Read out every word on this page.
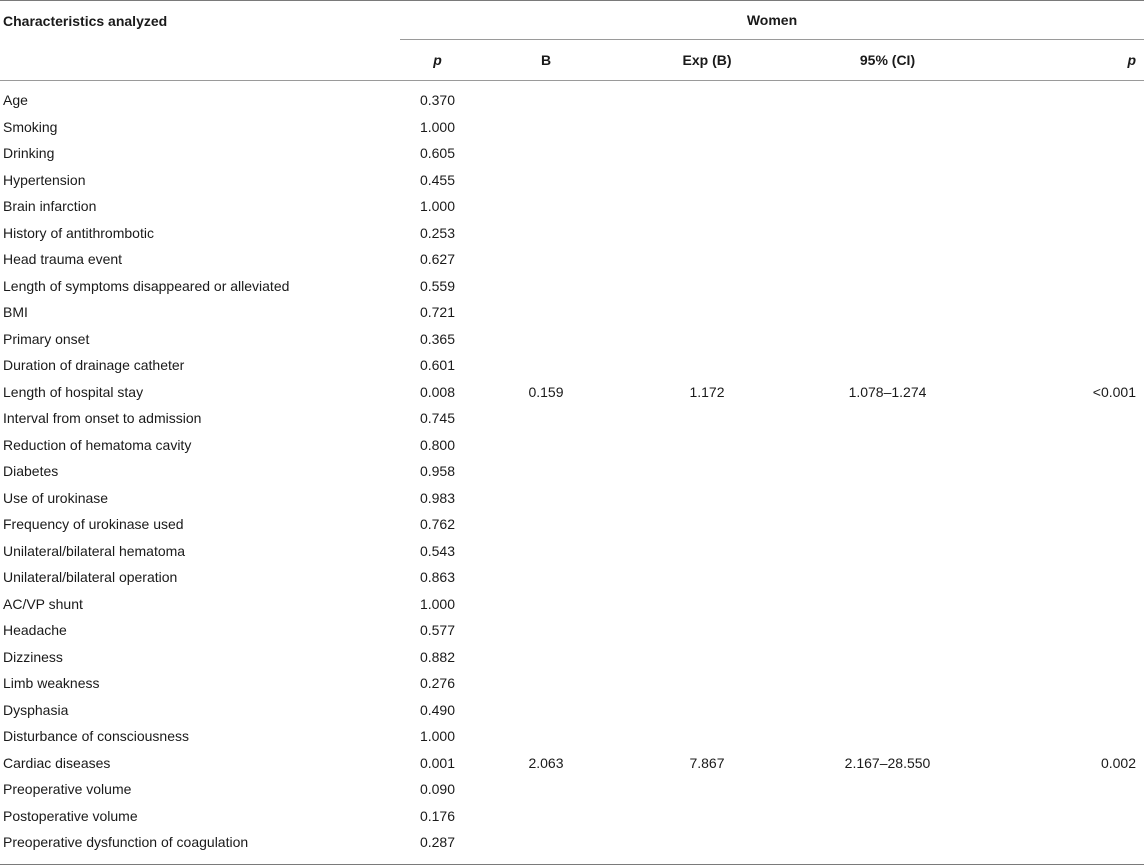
Characteristics analyzed	Women				
	p	B	Exp (B)	95% (CI)	p
Age	0.370				
Smoking	1.000				
Drinking	0.605				
Hypertension	0.455				
Brain infarction	1.000				
History of antithrombotic	0.253				
Head trauma event	0.627				
Length of symptoms disappeared or alleviated	0.559				
BMI	0.721				
Primary onset	0.365				
Duration of drainage catheter	0.601				
Length of hospital stay	0.008	0.159	1.172	1.078–1.274	<0.001
Interval from onset to admission	0.745				
Reduction of hematoma cavity	0.800				
Diabetes	0.958				
Use of urokinase	0.983				
Frequency of urokinase used	0.762				
Unilateral/bilateral hematoma	0.543				
Unilateral/bilateral operation	0.863				
AC/VP shunt	1.000				
Headache	0.577				
Dizziness	0.882				
Limb weakness	0.276				
Dysphasia	0.490				
Disturbance of consciousness	1.000				
Cardiac diseases	0.001	2.063	7.867	2.167–28.550	0.002
Preoperative volume	0.090				
Postoperative volume	0.176				
Preoperative dysfunction of coagulation	0.287				
